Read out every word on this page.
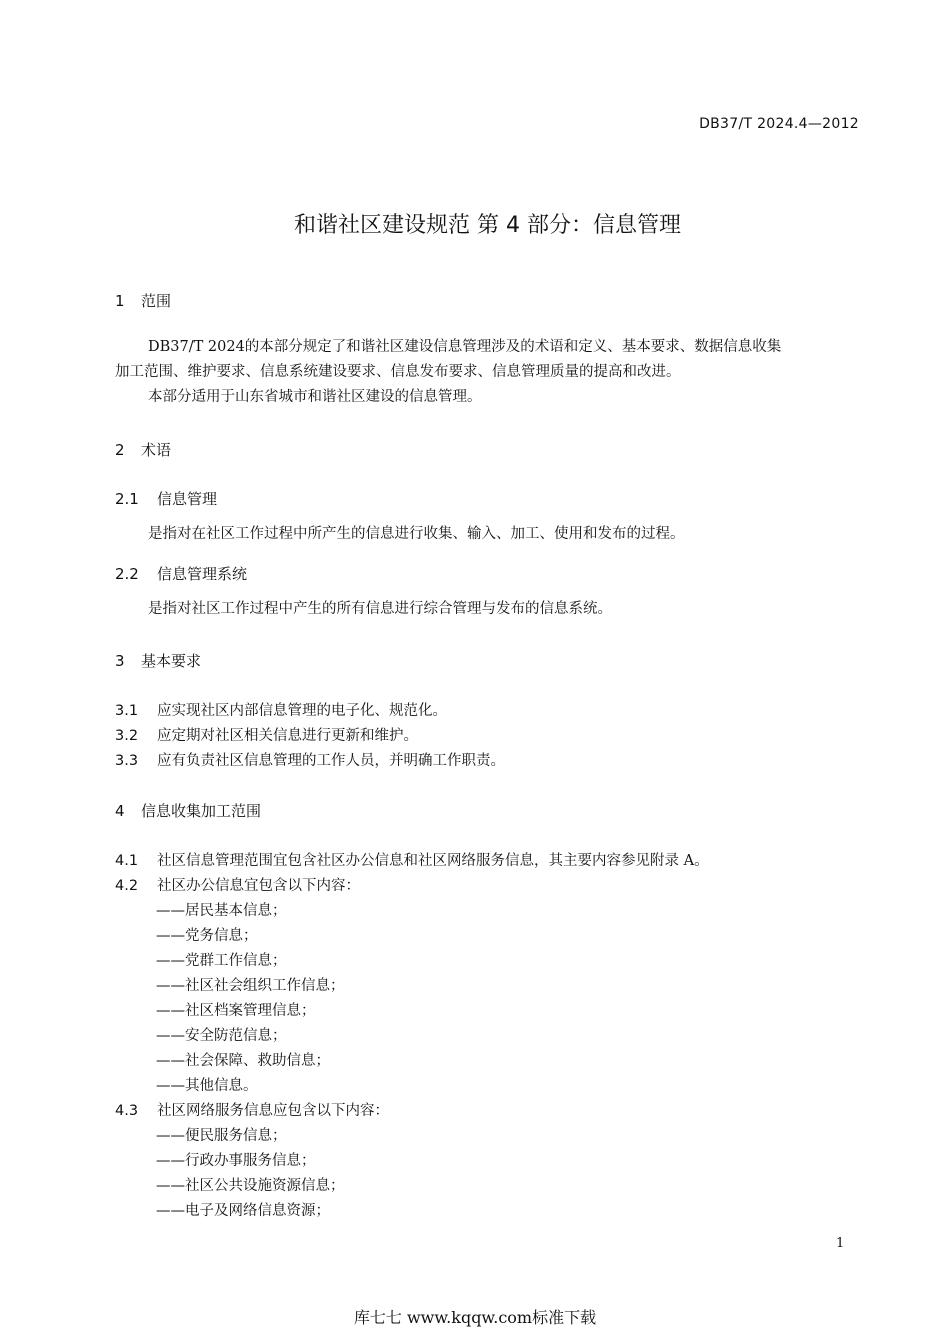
DB37/T 2024.4—2012
和谐社区建设规范 第 4 部分：信息管理
1 范围
DB37/T 2024的本部分规定了和谐社区建设信息管理涉及的术语和定义、基本要求、数据信息收集
加工范围、维护要求、信息系统建设要求、信息发布要求、信息管理质量的提高和改进。
本部分适用于山东省城市和谐社区建设的信息管理。
2 术语
2.1 信息管理
是指对在社区工作过程中所产生的信息进行收集、输入、加工、使用和发布的过程。
2.2 信息管理系统
是指对社区工作过程中产生的所有信息进行综合管理与发布的信息系统。
3 基本要求
3.1 应实现社区内部信息管理的电子化、规范化。
3.2 应定期对社区相关信息进行更新和维护。
3.3 应有负责社区信息管理的工作人员，并明确工作职责。
4 信息收集加工范围
4.1 社区信息管理范围宜包含社区办公信息和社区网络服务信息，其主要内容参见附录 A。
4.2 社区办公信息宜包含以下内容：
——居民基本信息；
——党务信息；
——党群工作信息；
——社区社会组织工作信息；
——社区档案管理信息；
——安全防范信息；
——社会保障、救助信息；
——其他信息。
4.3 社区网络服务信息应包含以下内容：
——便民服务信息；
——行政办事服务信息；
——社区公共设施资源信息；
——电子及网络信息资源；
1
库七七 www.kqqw.com标准下载
